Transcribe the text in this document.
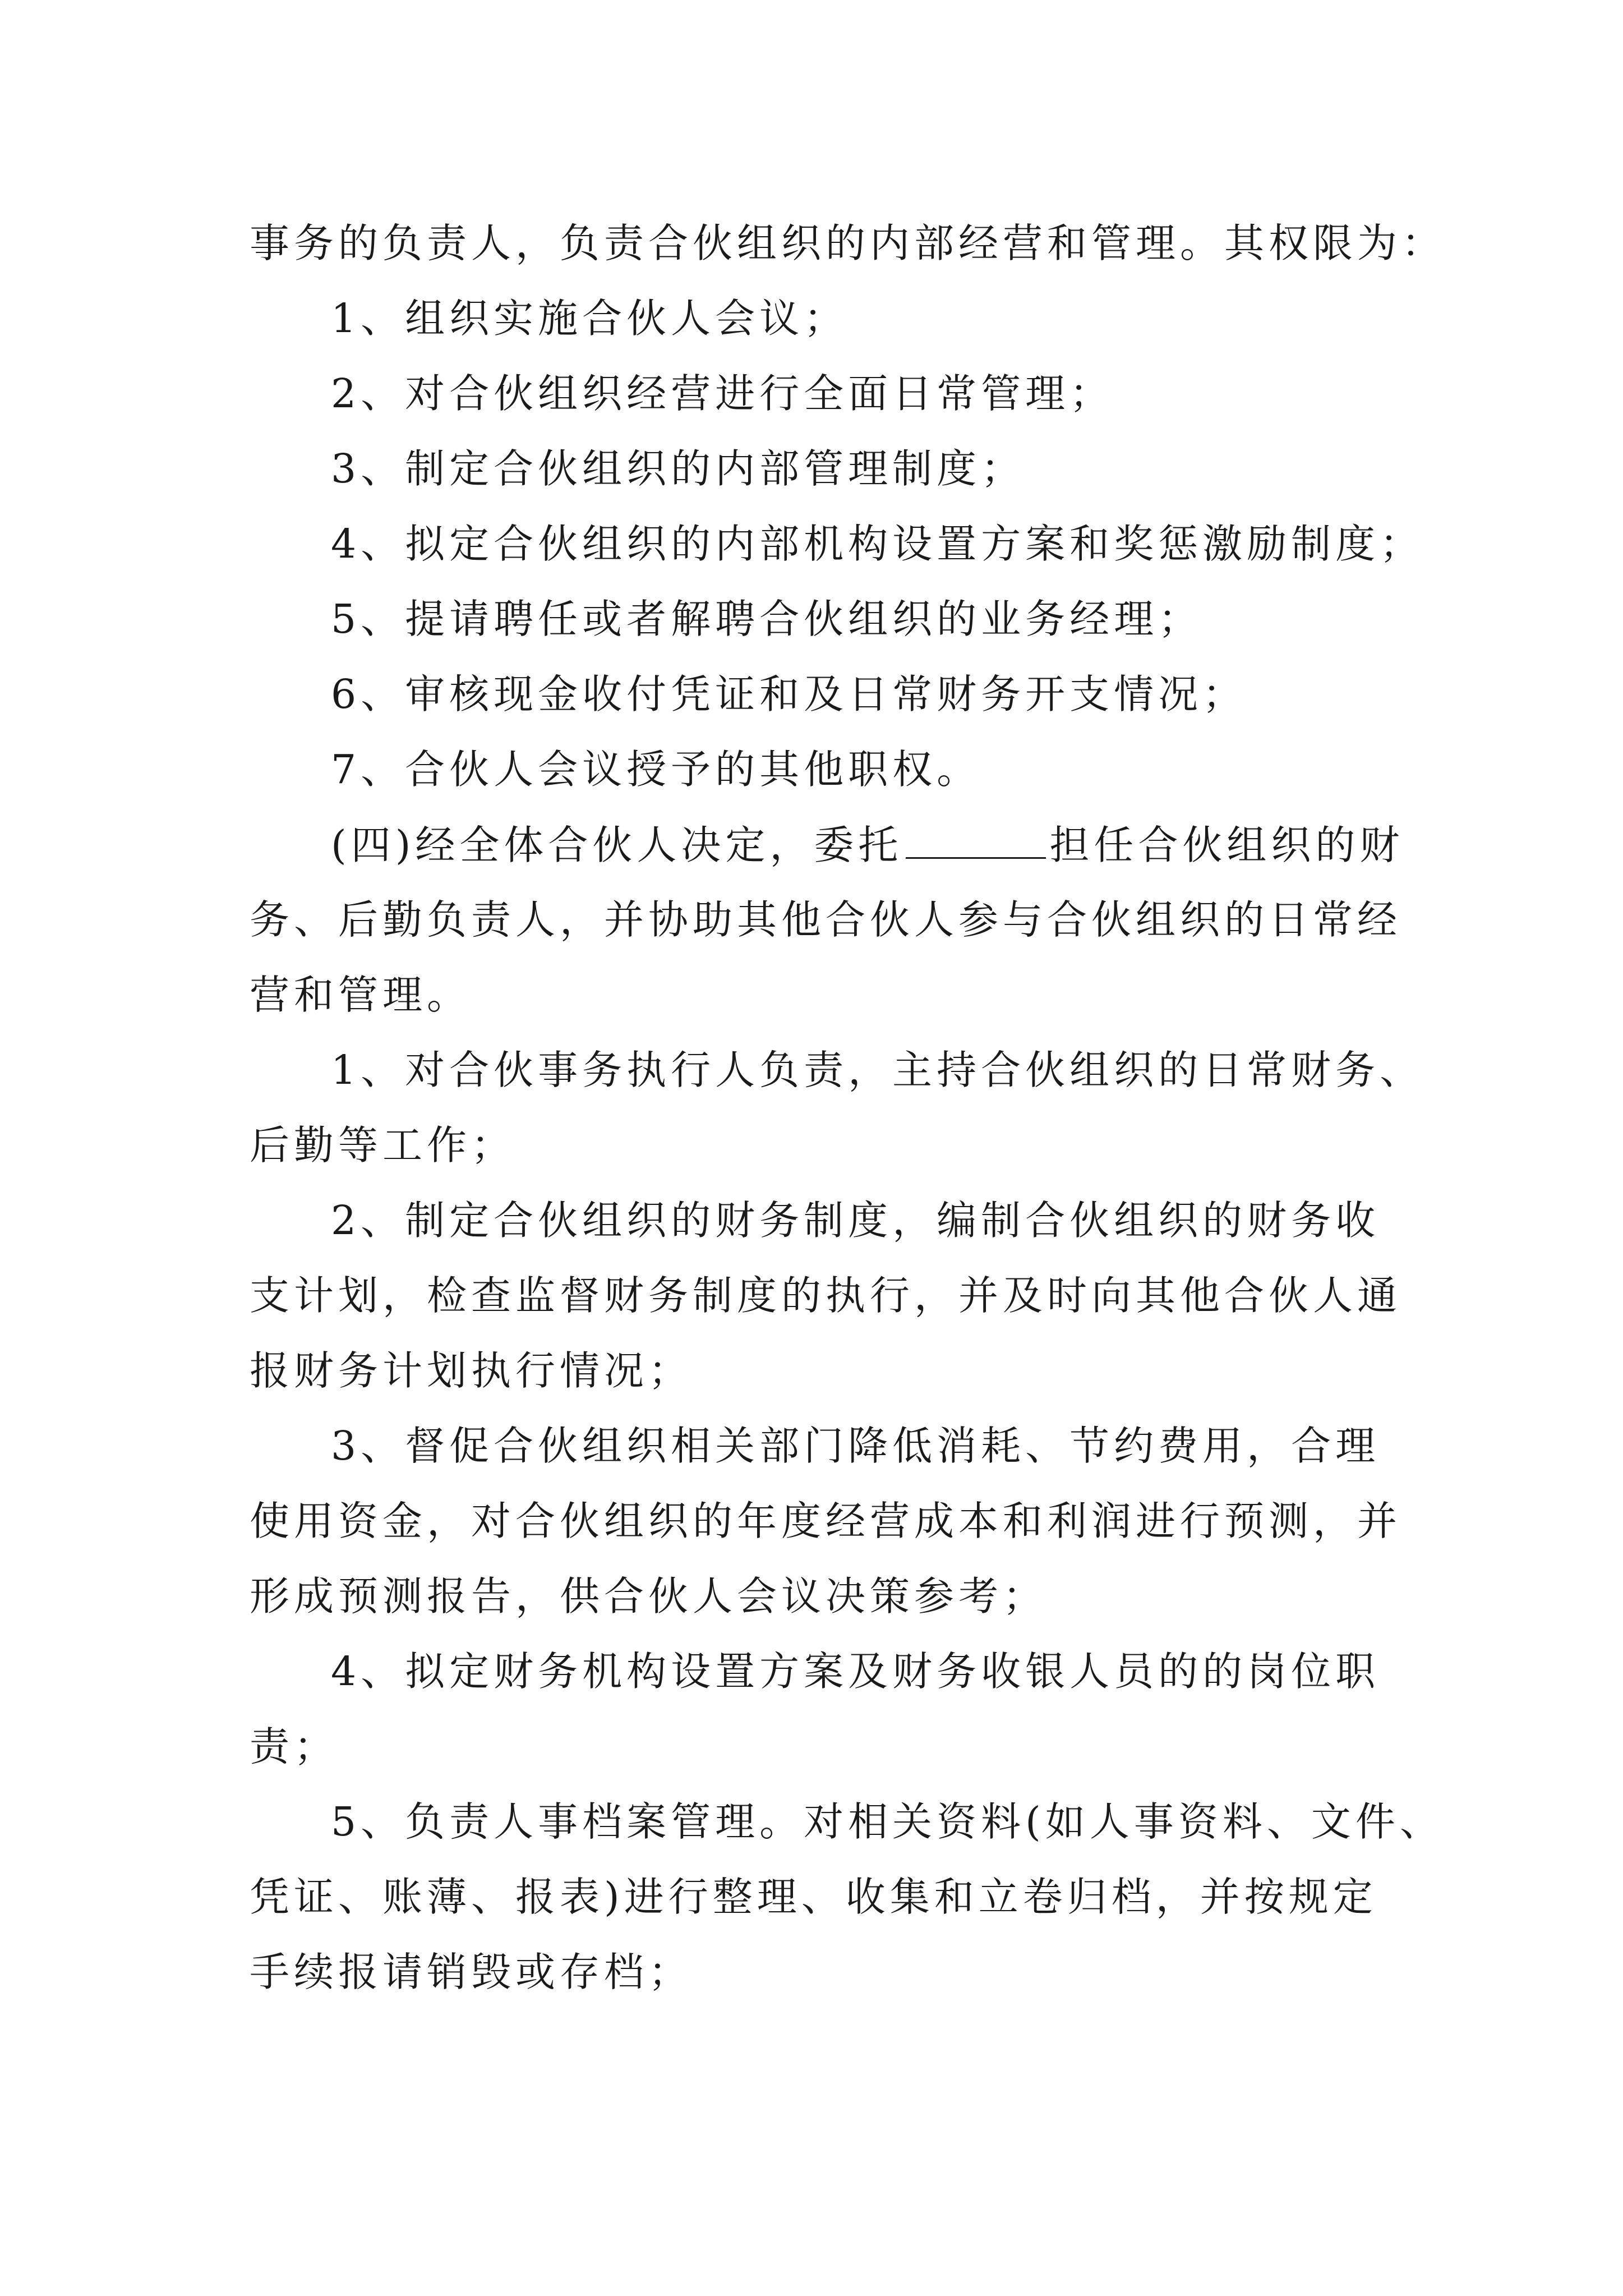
事务的负责人，负责合伙组织的内部经营和管理。其权限为：
1、组织实施合伙人会议；
2、对合伙组织经营进行全面日常管理；
3、制定合伙组织的内部管理制度；
4、拟定合伙组织的内部机构设置方案和奖惩激励制度；
5、提请聘任或者解聘合伙组织的业务经理；
6、审核现金收付凭证和及日常财务开支情况；
7、合伙人会议授予的其他职权。
(四)经全体合伙人决定，委托	担任合伙组织的财
务、后勤负责人，并协助其他合伙人参与合伙组织的日常经
营和管理。
1、对合伙事务执行人负责，主持合伙组织的日常财务、
后勤等工作；
2、制定合伙组织的财务制度，编制合伙组织的财务收
支计划，检查监督财务制度的执行，并及时向其他合伙人通
报财务计划执行情况；
3、督促合伙组织相关部门降低消耗、节约费用，合理
使用资金，对合伙组织的年度经营成本和利润进行预测，并
形成预测报告，供合伙人会议决策参考；
4、拟定财务机构设置方案及财务收银人员的的岗位职
责；
5、负责人事档案管理。对相关资料(如人事资料、文件、
凭证、账薄、报表)进行整理、收集和立卷归档，并按规定
手续报请销毁或存档；
